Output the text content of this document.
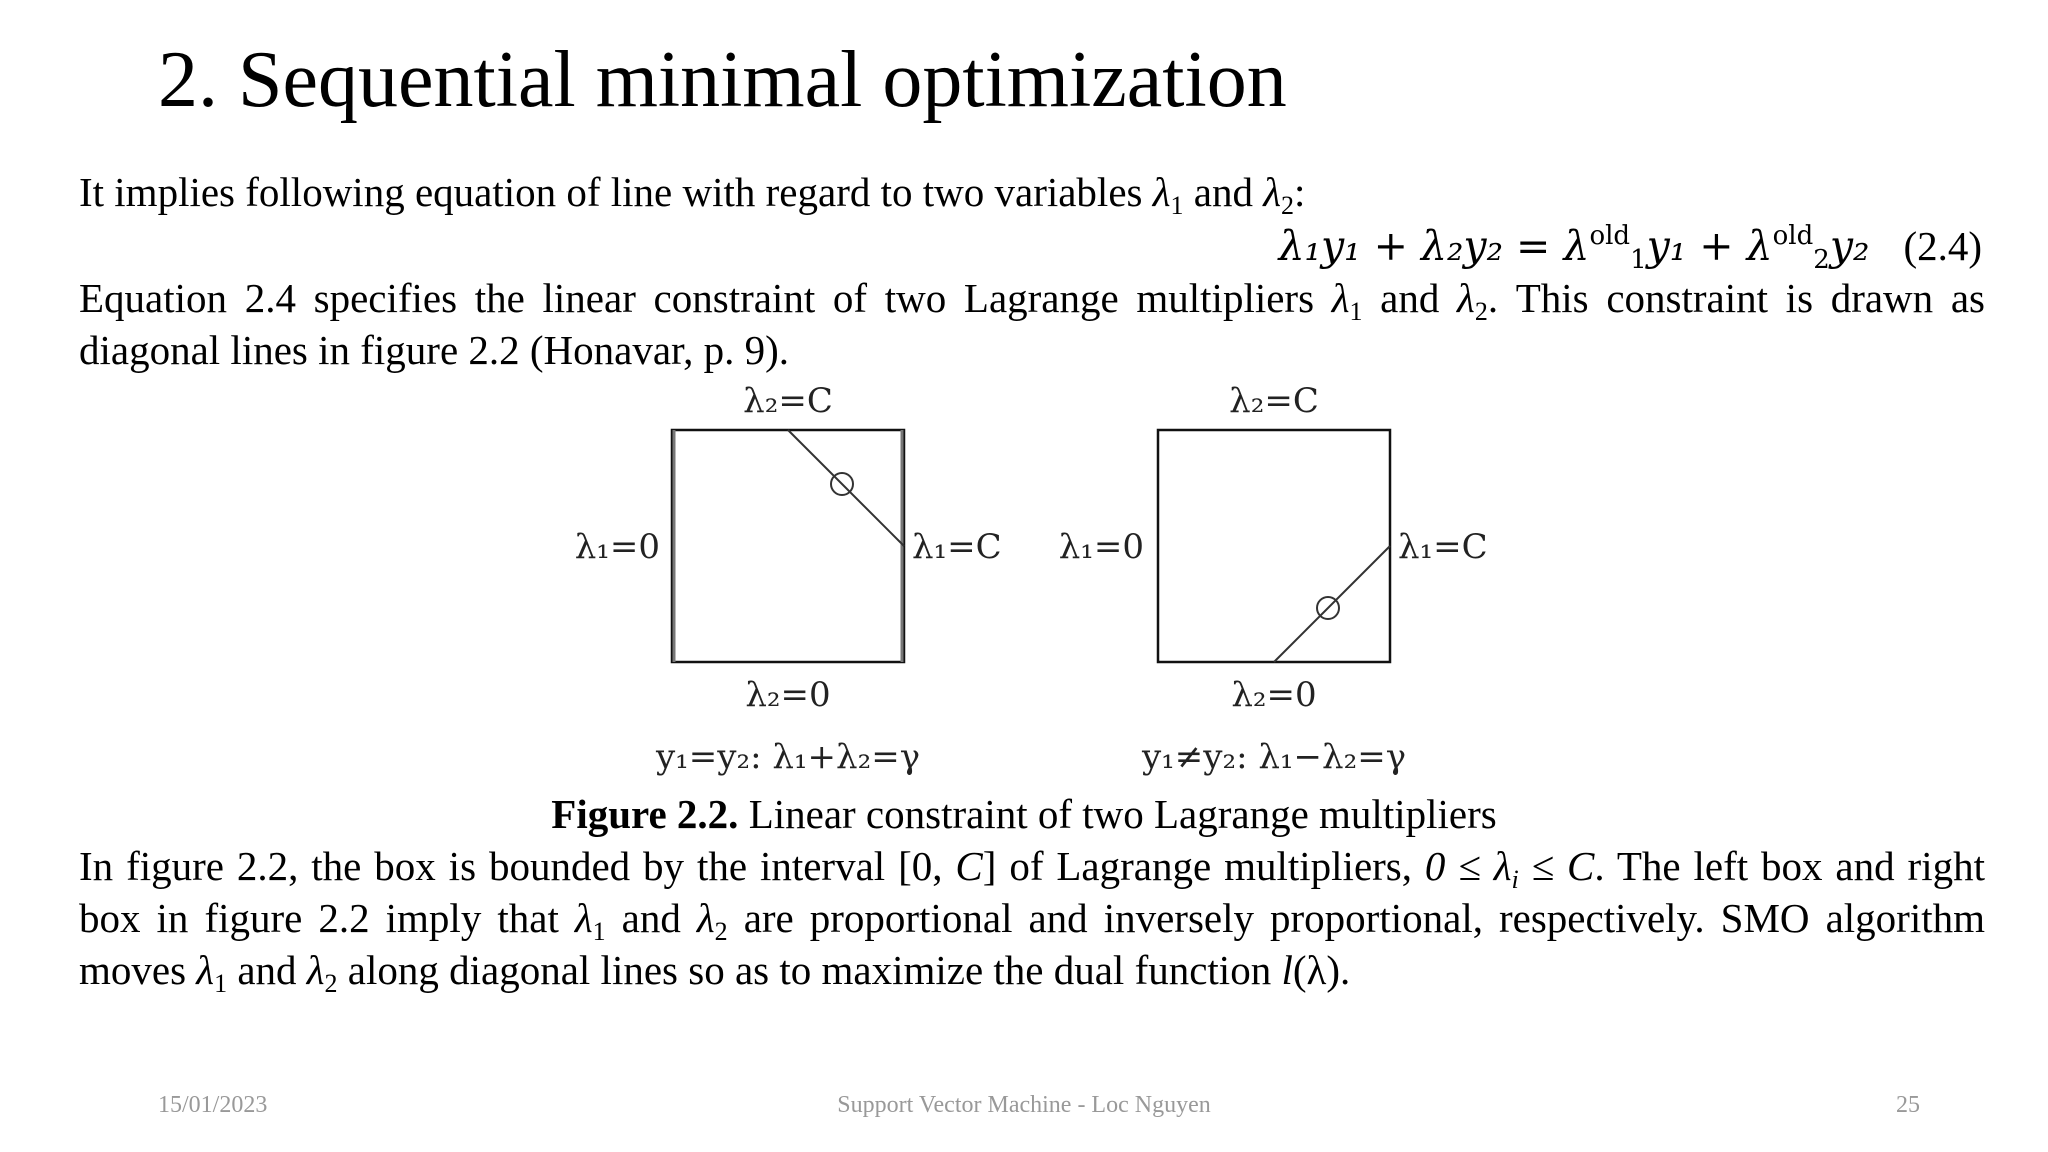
2. Sequential minimal optimization
It implies following equation of line with regard to two variables $\lambda_1$ and $\lambda_2$:
$\lambda_1y_1 + \lambda_2y_2 = \lambda^{old}_1y_1 + \lambda^{old}_2y_2$ (2.4)
Equation 2.4 specifies the linear constraint of two Lagrange multipliers $\lambda_1$ and $\lambda_2$. This constraint is drawn as diagonal lines in figure 2.2 (Honavar, p. 9).
λ₂=C
λ₁=0	λ₁=C
λ₂=0
y₁=y₂: λ₁+λ₂=γ
λ₂=C
λ₁=0	λ₁=C
λ₂=0
y₁≠y₂: λ₁−λ₂=γ
Figure 2.2. Linear constraint of two Lagrange multipliers
In figure 2.2, the box is bounded by the interval [0, C] of Lagrange multipliers, $0 \le \lambda_i \le C$. The left box and right box in figure 2.2 imply that $\lambda_1$ and $\lambda_2$ are proportional and inversely proportional, respectively. SMO algorithm moves $\lambda_1$ and $\lambda_2$ along diagonal lines so as to maximize the dual function l(λ).
15/01/2023	Support Vector Machine - Loc Nguyen	25
